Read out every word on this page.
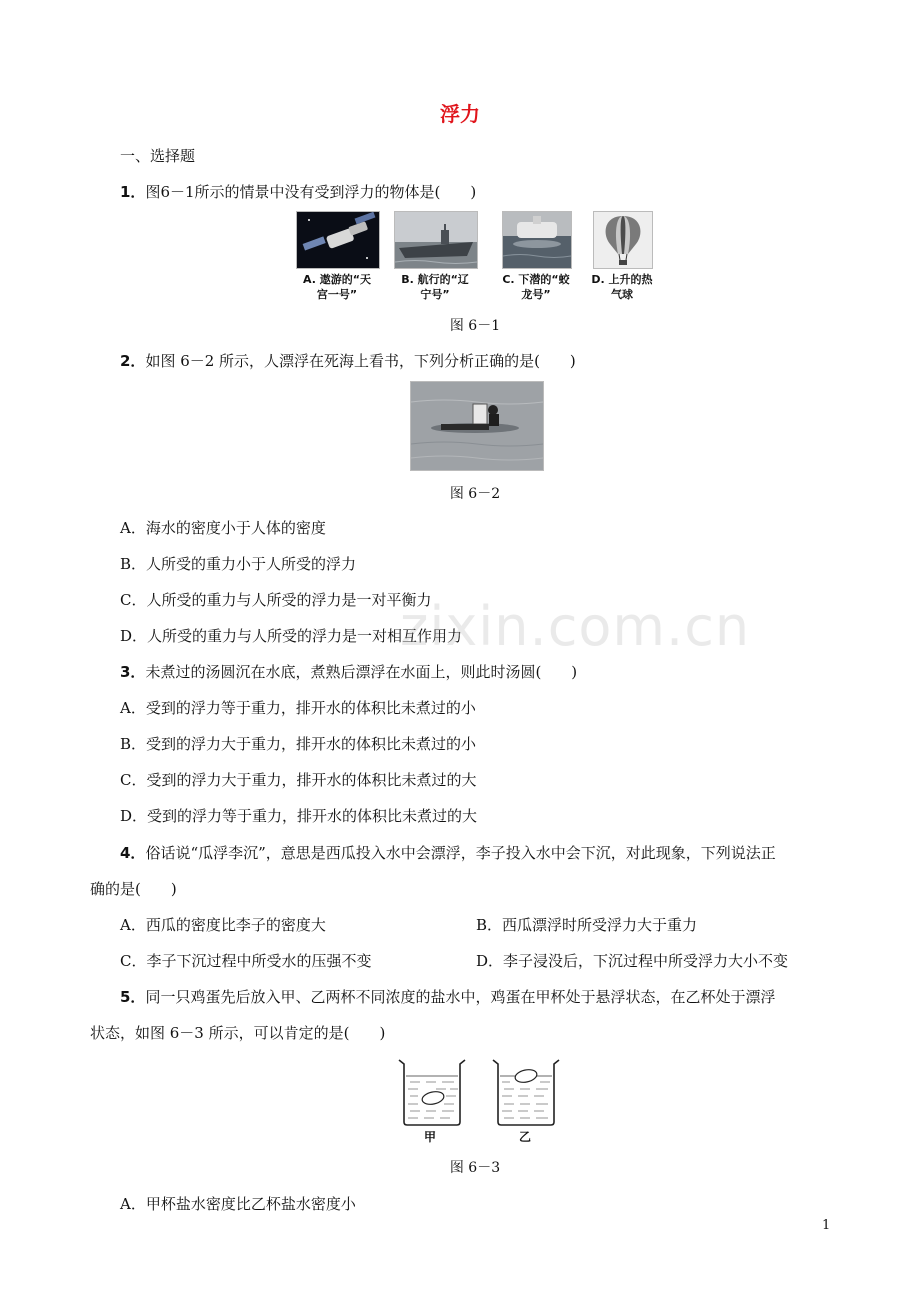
浮力
一、选择题
1．图6－1所示的情景中没有受到浮力的物体是(　　)
A. 遨游的“天
宫一号”
B. 航行的“辽
宁号”
C. 下潜的“蛟
龙号”
D. 上升的热
气球
图 6－1
2．如图 6－2 所示，人漂浮在死海上看书，下列分析正确的是(　　)
图 6－2
A．海水的密度小于人体的密度
B．人所受的重力小于人所受的浮力
C．人所受的重力与人所受的浮力是一对平衡力
D．人所受的重力与人所受的浮力是一对相互作用力
3．未煮过的汤圆沉在水底，煮熟后漂浮在水面上，则此时汤圆(　　)
A．受到的浮力等于重力，排开水的体积比未煮过的小
B．受到的浮力大于重力，排开水的体积比未煮过的小
C．受到的浮力大于重力，排开水的体积比未煮过的大
D．受到的浮力等于重力，排开水的体积比未煮过的大
4．俗话说“瓜浮李沉”，意思是西瓜投入水中会漂浮，李子投入水中会下沉，对此现象，下列说法正
确的是(　　)
A．西瓜的密度比李子的密度大	B．西瓜漂浮时所受浮力大于重力
C．李子下沉过程中所受水的压强不变	D．李子浸没后，下沉过程中所受浮力大小不变
5．同一只鸡蛋先后放入甲、乙两杯不同浓度的盐水中，鸡蛋在甲杯处于悬浮状态，在乙杯处于漂浮
状态，如图 6－3 所示，可以肯定的是(　　)
甲	乙
图 6－3
A．甲杯盐水密度比乙杯盐水密度小
zixin.com.cn
1
